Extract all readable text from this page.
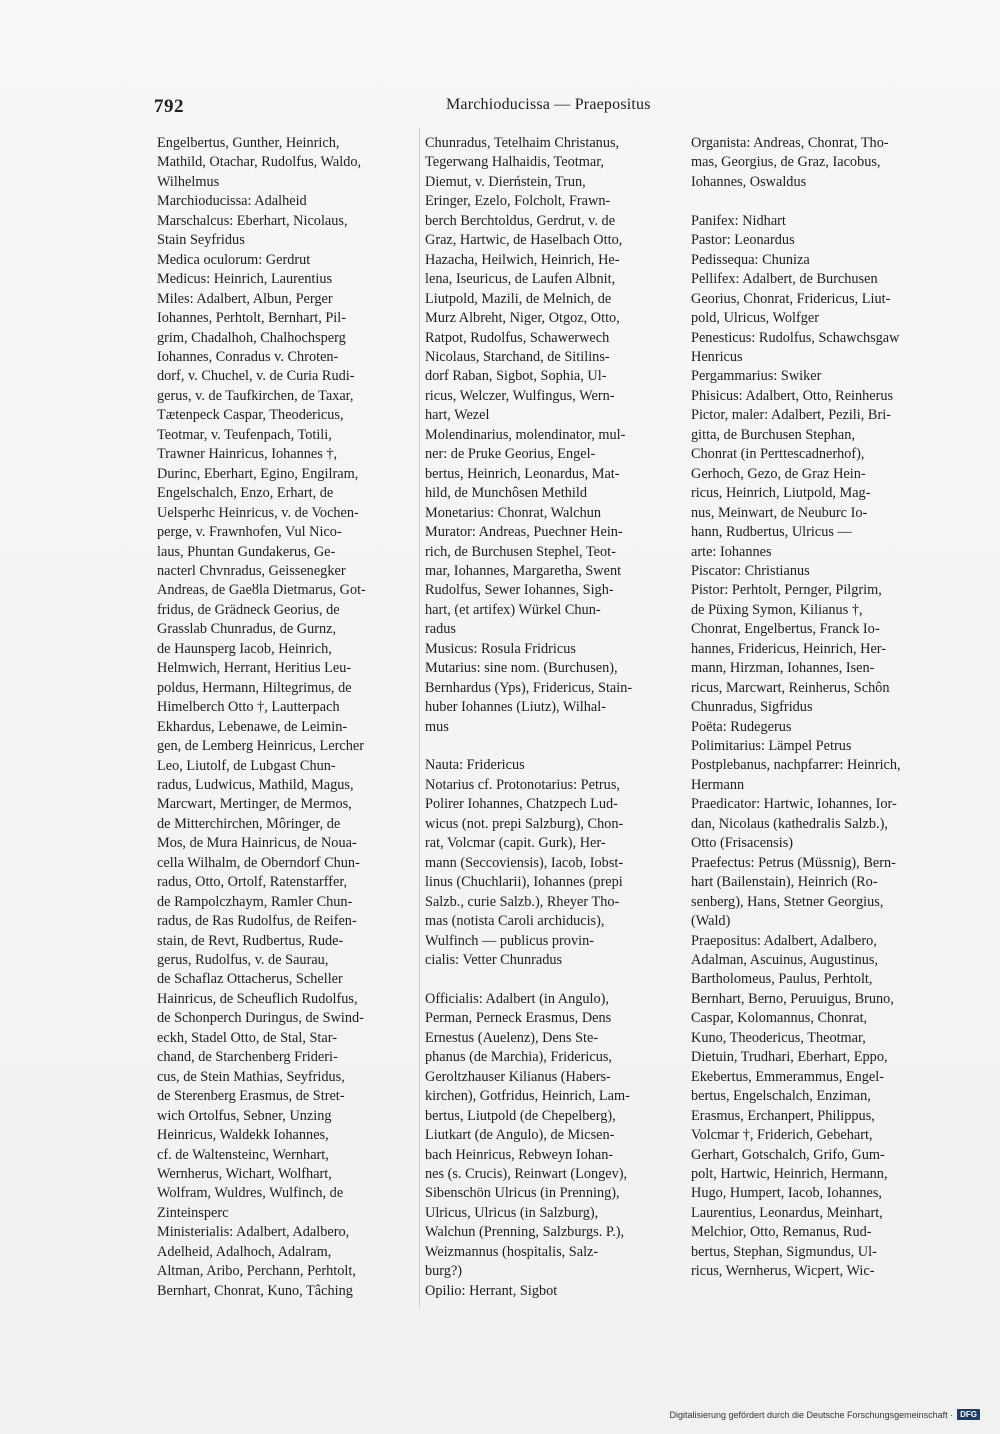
792	Marchioducissa — Praepositus
Engelbertus, Gunther, Heinrich,
Mathild, Otachar, Rudolfus, Waldo,
Wilhelmus
Marchioducissa: Adalheid
Marschalcus: Eberhart, Nicolaus,
Stain Seyfridus
Medica oculorum: Gerdrut
Medicus: Heinrich, Laurentius
Miles: Adalbert, Albun, Perger
Iohannes, Perhtolt, Bernhart, Pil-
grim, Chadalhoh, Chalhochsperg
Iohannes, Conradus v. Chroten-
dorf, v. Chuchel, v. de Curia Rudi-
gerus, v. de Taufkirchen, de Taxar,
Tætenpeck Caspar, Theodericus,
Teotmar, v. Teufenpach, Totili,
Trawner Hainricus, Iohannes †,
Durinc, Eberhart, Egino, Engilram,
Engelschalch, Enzo, Erhart, de
Uelsperhc Heinricus, v. de Vochen-
perge, v. Frawnhofen, Vul Nico-
laus, Phuntan Gundakerus, Ge-
nacterl Chvnradus, Geissenegker
Andreas, de Gaeȣla Dietmarus, Got-
fridus, de Grädneck Georius, de
Grasslab Chunradus, de Gurnz,
de Haunsperg Iacob, Heinrich,
Helmwich, Herrant, Heritius Leu-
poldus, Hermann, Hiltegrimus, de
Himelberch Otto †, Lautterpach
Ekhardus, Lebenawe, de Leimin-
gen, de Lemberg Heinricus, Lercher
Leo, Liutolf, de Lubgast Chun-
radus, Ludwicus, Mathild, Magus,
Marcwart, Mertinger, de Mermos,
de Mitterchirchen, Môringer, de
Mos, de Mura Hainricus, de Noua-
cella Wilhalm, de Oberndorf Chun-
radus, Otto, Ortolf, Ratenstarffer,
de Rampolczhaym, Ramler Chun-
radus, de Ras Rudolfus, de Reifen-
stain, de Revt, Rudbertus, Rude-
gerus, Rudolfus, v. de Saurau,
de Schaflaz Ottacherus, Scheller
Hainricus, de Scheuflich Rudolfus,
de Schonperch Duringus, de Swind-
eckh, Stadel Otto, de Stal, Star-
chand, de Starchenberg Frideri-
cus, de Stein Mathias, Seyfridus,
de Sterenberg Erasmus, de Stret-
wich Ortolfus, Sebner, Unzing
Heinricus, Waldekk Iohannes,
cf. de Waltensteinc, Wernhart,
Wernherus, Wichart, Wolfhart,
Wolfram, Wuldres, Wulfinch, de
Zinteinsperc
Ministerialis: Adalbert, Adalbero,
Adelheid, Adalhoch, Adalram,
Altman, Aribo, Perchann, Perhtolt,
Bernhart, Chonrat, Kuno, Tâching
Chunradus, Tetelhaim Christanus,
Tegerwang Halhaidis, Teotmar,
Diemut, v. Dierństein, Trun,
Eringer, Ezelo, Folcholt, Frawn-
berch Berchtoldus, Gerdrut, v. de
Graz, Hartwic, de Haselbach Otto,
Hazacha, Heilwich, Heinrich, He-
lena, Iseuricus, de Laufen Albnit,
Liutpold, Mazili, de Melnich, de
Murz Albreht, Niger, Otgoz, Otto,
Ratpot, Rudolfus, Schawerwech
Nicolaus, Starchand, de Sitilins-
dorf Raban, Sigbot, Sophia, Ul-
ricus, Welczer, Wulfingus, Wern-
hart, Wezel
Molendinarius, molendinator, mul-
ner: de Pruke Georius, Engel-
bertus, Heinrich, Leonardus, Mat-
hild, de Munchôsen Methild
Monetarius: Chonrat, Walchun
Murator: Andreas, Puechner Hein-
rich, de Burchusen Stephel, Teot-
mar, Iohannes, Margaretha, Swent
Rudolfus, Sewer Iohannes, Sigh-
hart, (et artifex) Würkel Chun-
radus
Musicus: Rosula Fridricus
Mutarius: sine nom. (Burchusen),
Bernhardus (Yps), Fridericus, Stain-
huber Iohannes (Liutz), Wilhal-
mus
Nauta: Fridericus
Notarius cf. Protonotarius: Petrus,
Polirer Iohannes, Chatzpech Lud-
wicus (not. prepi Salzburg), Chon-
rat, Volcmar (capit. Gurk), Her-
mann (Seccoviensis), Iacob, Iobst-
linus (Chuchlarii), Iohannes (prepi
Salzb., curie Salzb.), Rheyer Tho-
mas (notista Caroli archiducis),
Wulfinch — publicus provin-
cialis: Vetter Chunradus
Officialis: Adalbert (in Angulo),
Perman, Perneck Erasmus, Dens
Ernestus (Auelenz), Dens Ste-
phanus (de Marchia), Fridericus,
Geroltzhauser Kilianus (Habers-
kirchen), Gotfridus, Heinrich, Lam-
bertus, Liutpold (de Chepelberg),
Liutkart (de Angulo), de Micsen-
bach Heinricus, Rebweyn Iohan-
nes (s. Crucis), Reinwart (Longev),
Sibenschön Ulricus (in Prenning),
Ulricus, Ulricus (in Salzburg),
Walchun (Prenning, Salzburgs. P.),
Weizmannus (hospitalis, Salz-
burg?)
Opilio: Herrant, Sigbot
Organista: Andreas, Chonrat, Tho-
mas, Georgius, de Graz, Iacobus,
Iohannes, Oswaldus
Panifex: Nidhart
Pastor: Leonardus
Pedissequa: Chuniza
Pellifex: Adalbert, de Burchusen
Georius, Chonrat, Fridericus, Liut-
pold, Ulricus, Wolfger
Penesticus: Rudolfus, Schawchsgaw
Henricus
Pergammarius: Swiker
Phisicus: Adalbert, Otto, Reinherus
Pictor, maler: Adalbert, Pezili, Bri-
gitta, de Burchusen Stephan,
Chonrat (in Perttescadnerhof),
Gerhoch, Gezo, de Graz Hein-
ricus, Heinrich, Liutpold, Mag-
nus, Meinwart, de Neuburc Io-
hann, Rudbertus, Ulricus —
arte: Iohannes
Piscator: Christianus
Pistor: Perhtolt, Pernger, Pilgrim,
de Püxing Symon, Kilianus †,
Chonrat, Engelbertus, Franck Io-
hannes, Fridericus, Heinrich, Her-
mann, Hirzman, Iohannes, Isen-
ricus, Marcwart, Reinherus, Schôn
Chunradus, Sigfridus
Poëta: Rudegerus
Polimitarius: Lämpel Petrus
Postplebanus, nachpfarrer: Heinrich,
Hermann
Praedicator: Hartwic, Iohannes, Ior-
dan, Nicolaus (kathedralis Salzb.),
Otto (Frisacensis)
Praefectus: Petrus (Müssnig), Bern-
hart (Bailenstain), Heinrich (Ro-
senberg), Hans, Stetner Georgius,
(Wald)
Praepositus: Adalbert, Adalbero,
Adalman, Ascuinus, Augustinus,
Bartholomeus, Paulus, Perhtolt,
Bernhart, Berno, Peruuigus, Bruno,
Caspar, Kolomannus, Chonrat,
Kuno, Theodericus, Theotmar,
Dietuin, Trudhari, Eberhart, Eppo,
Ekebertus, Emmerammus, Engel-
bertus, Engelschalch, Enziman,
Erasmus, Erchanpert, Philippus,
Volcmar †, Friderich, Gebehart,
Gerhart, Gotschalch, Grifo, Gum-
polt, Hartwic, Heinrich, Hermann,
Hugo, Humpert, Iacob, Iohannes,
Laurentius, Leonardus, Meinhart,
Melchior, Otto, Remanus, Rud-
bertus, Stephan, Sigmundus, Ul-
ricus, Wernherus, Wicpert, Wic-
Digitalisierung gefördert durch die Deutsche Forschungsgemeinschaft · DFG
